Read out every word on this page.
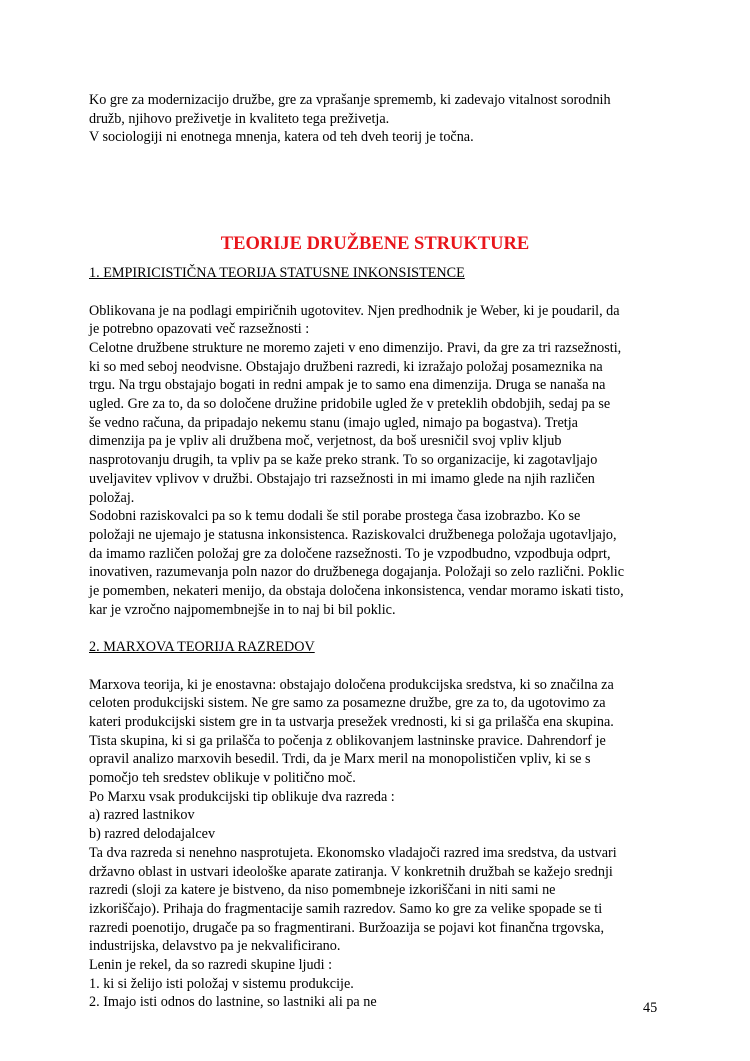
Ko gre za modernizacijo družbe, gre za vprašanje sprememb, ki zadevajo vitalnost sorodnih

družb, njihovo preživetje in kvaliteto tega preživetja.

V sociologiji ni enotnega mnenja, katera od teh dveh teorij je točna.

TEORIJE DRUŽBENE STRUKTURE

1. EMPIRICISTIČNA TEORIJA STATUSNE INKONSISTENCE

Oblikovana je na podlagi empiričnih ugotovitev. Njen predhodnik je Weber, ki je poudaril, da

je potrebno opazovati več razsežnosti :

Celotne družbene strukture ne moremo zajeti v eno dimenzijo. Pravi, da gre za tri razsežnosti,

ki so med seboj neodvisne. Obstajajo družbeni razredi, ki izražajo položaj posameznika na

trgu. Na trgu obstajajo bogati in redni ampak je to samo ena dimenzija. Druga se nanaša na

ugled. Gre za to, da so določene družine pridobile ugled že v preteklih obdobjih, sedaj pa se

še vedno računa, da pripadajo nekemu stanu (imajo ugled, nimajo pa bogastva). Tretja

dimenzija pa je vpliv ali družbena moč, verjetnost, da boš uresničil svoj vpliv kljub

nasprotovanju drugih, ta vpliv pa se kaže preko strank. To so organizacije, ki zagotavljajo

uveljavitev vplivov v družbi. Obstajajo tri razsežnosti in mi imamo glede na njih različen

položaj.

Sodobni raziskovalci pa so k temu dodali še stil porabe prostega časa izobrazbo. Ko se

položaji ne ujemajo je statusna inkonsistenca. Raziskovalci družbenega položaja ugotavljajo,

da imamo različen položaj gre za določene razsežnosti. To je vzpodbudno, vzpodbuja odprt,

inovativen, razumevanja poln nazor do družbenega dogajanja. Položaji so zelo različni. Poklic

je pomemben, nekateri menijo, da obstaja določena inkonsistenca, vendar moramo iskati tisto,

kar je vzročno najpomembnejše in to naj bi bil poklic.

2. MARXOVA TEORIJA RAZREDOV

Marxova teorija, ki je enostavna: obstajajo določena produkcijska sredstva, ki so značilna za

celoten produkcijski sistem. Ne gre samo za posamezne družbe, gre za to, da ugotovimo za

kateri produkcijski sistem gre in ta ustvarja presežek vrednosti, ki si ga prilašča ena skupina.

Tista skupina, ki si ga prilašča to počenja z oblikovanjem lastninske pravice. Dahrendorf je

opravil analizo marxovih besedil. Trdi, da je Marx meril na monopolističen vpliv, ki se s

pomočjo teh sredstev oblikuje v politično moč.

Po Marxu vsak produkcijski tip oblikuje dva razreda :

a) razred lastnikov

b) razred delodajalcev

Ta dva razreda si nenehno nasprotujeta. Ekonomsko vladajoči razred ima sredstva, da ustvari

državno oblast in ustvari ideološke aparate zatiranja. V konkretnih družbah se kažejo srednji

razredi (sloji za katere je bistveno, da niso pomembneje izkoriščani in niti sami ne

izkoriščajo). Prihaja do fragmentacije samih razredov. Samo ko gre za velike spopade se ti

razredi poenotijo, drugače pa so fragmentirani. Buržoazija se pojavi kot finančna trgovska,

industrijska, delavstvo pa je nekvalificirano.

Lenin je rekel, da so razredi skupine ljudi :

1. ki si želijo isti položaj v sistemu produkcije.

2. Imajo isti odnos do lastnine, so lastniki ali pa ne	45
